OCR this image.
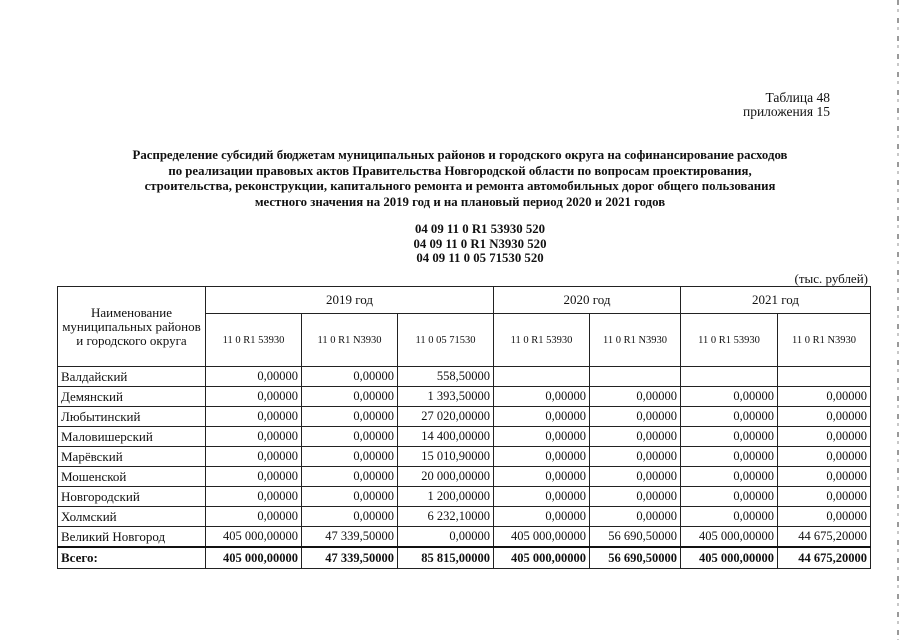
Таблица 48
приложения 15
Распределение субсидий бюджетам муниципальных районов и городского округа на софинансирование расходов
по реализации правовых актов Правительства Новгородской области по вопросам проектирования,
строительства, реконструкции, капитального ремонта и ремонта автомобильных дорог общего пользования
местного значения на 2019 год и на плановый период 2020 и 2021 годов
04 09 11 0 R1 53930 520
04 09 11 0 R1 N3930 520
04 09 11 0 05 71530 520
(тыс. рублей)
Наименование муниципальных районов и городского округа	2019 год			2020 год		2021 год	
	11 0 R1 53930	11 0 R1 N3930	11 0 05 71530	11 0 R1 53930	11 0 R1 N3930	11 0 R1 53930	11 0 R1 N3930
Валдайский	0,00000	0,00000	558,50000				
Демянский	0,00000	0,00000	1 393,50000	0,00000	0,00000	0,00000	0,00000
Любытинский	0,00000	0,00000	27 020,00000	0,00000	0,00000	0,00000	0,00000
Маловишерский	0,00000	0,00000	14 400,00000	0,00000	0,00000	0,00000	0,00000
Марёвский	0,00000	0,00000	15 010,90000	0,00000	0,00000	0,00000	0,00000
Мошенской	0,00000	0,00000	20 000,00000	0,00000	0,00000	0,00000	0,00000
Новгородский	0,00000	0,00000	1 200,00000	0,00000	0,00000	0,00000	0,00000
Холмский	0,00000	0,00000	6 232,10000	0,00000	0,00000	0,00000	0,00000
Великий Новгород	405 000,00000	47 339,50000	0,00000	405 000,00000	56 690,50000	405 000,00000	44 675,20000
Всего:	405 000,00000	47 339,50000	85 815,00000	405 000,00000	56 690,50000	405 000,00000	44 675,20000
